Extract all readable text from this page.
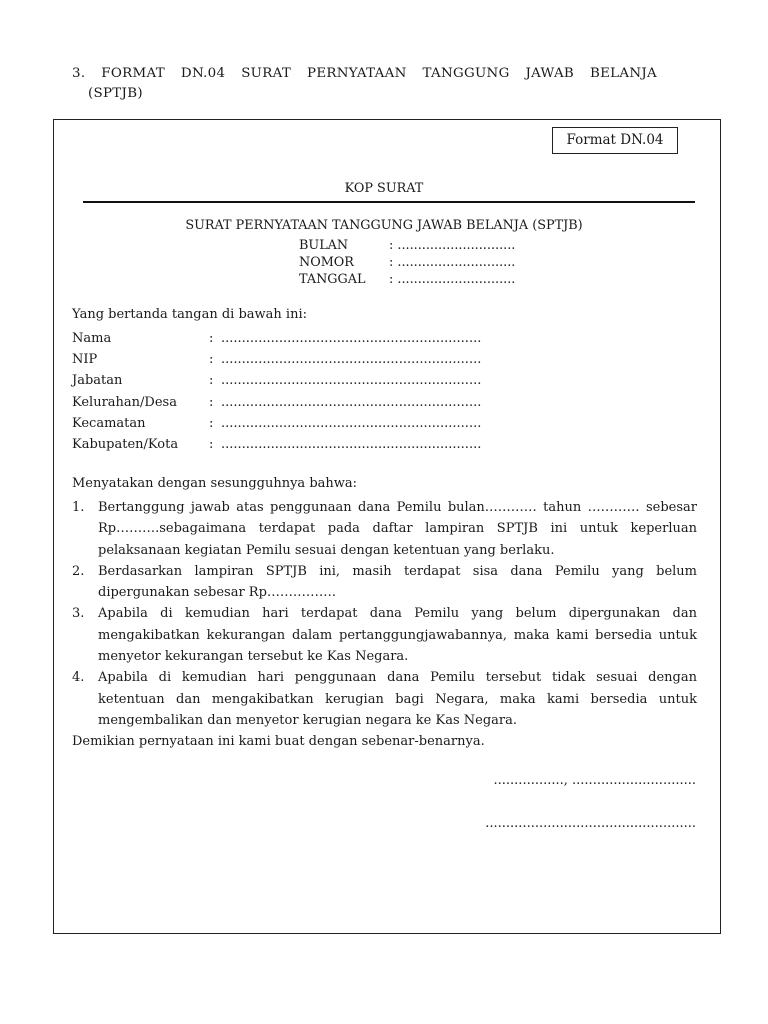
3. FORMAT DN.04 SURAT PERNYATAAN TANGGUNG JAWAB BELANJA
(SPTJB)
Format DN.04
KOP SURAT
SURAT PERNYATAAN TANGGUNG JAWAB BELANJA (SPTJB)
BULAN	: .............................
NOMOR	: .............................
TANGGAL	: .............................
Yang bertanda tangan di bawah ini:
Nama	: ...............................................................
NIP	: ...............................................................
Jabatan	: ...............................................................
Kelurahan/Desa	: ...............................................................
Kecamatan	: ...............................................................
Kabupaten/Kota	: ...............................................................
Menyatakan dengan sesungguhnya bahwa:
1.	Bertanggung jawab atas penggunaan dana Pemilu bulan………… tahun ………… sebesar Rp……….sebagaimana terdapat pada daftar lampiran SPTJB ini untuk keperluan pelaksanaan kegiatan Pemilu sesuai dengan ketentuan yang berlaku.
2.	Berdasarkan lampiran SPTJB ini, masih terdapat sisa dana Pemilu yang belum dipergunakan sebesar Rp…………….
3.	Apabila di kemudian hari terdapat dana Pemilu yang belum dipergunakan dan mengakibatkan kekurangan dalam pertanggungjawabannya, maka kami bersedia untuk menyetor kekurangan tersebut ke Kas Negara.
4.	Apabila di kemudian hari penggunaan dana Pemilu tersebut tidak sesuai dengan ketentuan dan mengakibatkan kerugian bagi Negara, maka kami bersedia untuk mengembalikan dan menyetor kerugian negara ke Kas Negara.
Demikian pernyataan ini kami buat dengan sebenar-benarnya.
................., ..............................
...................................................
